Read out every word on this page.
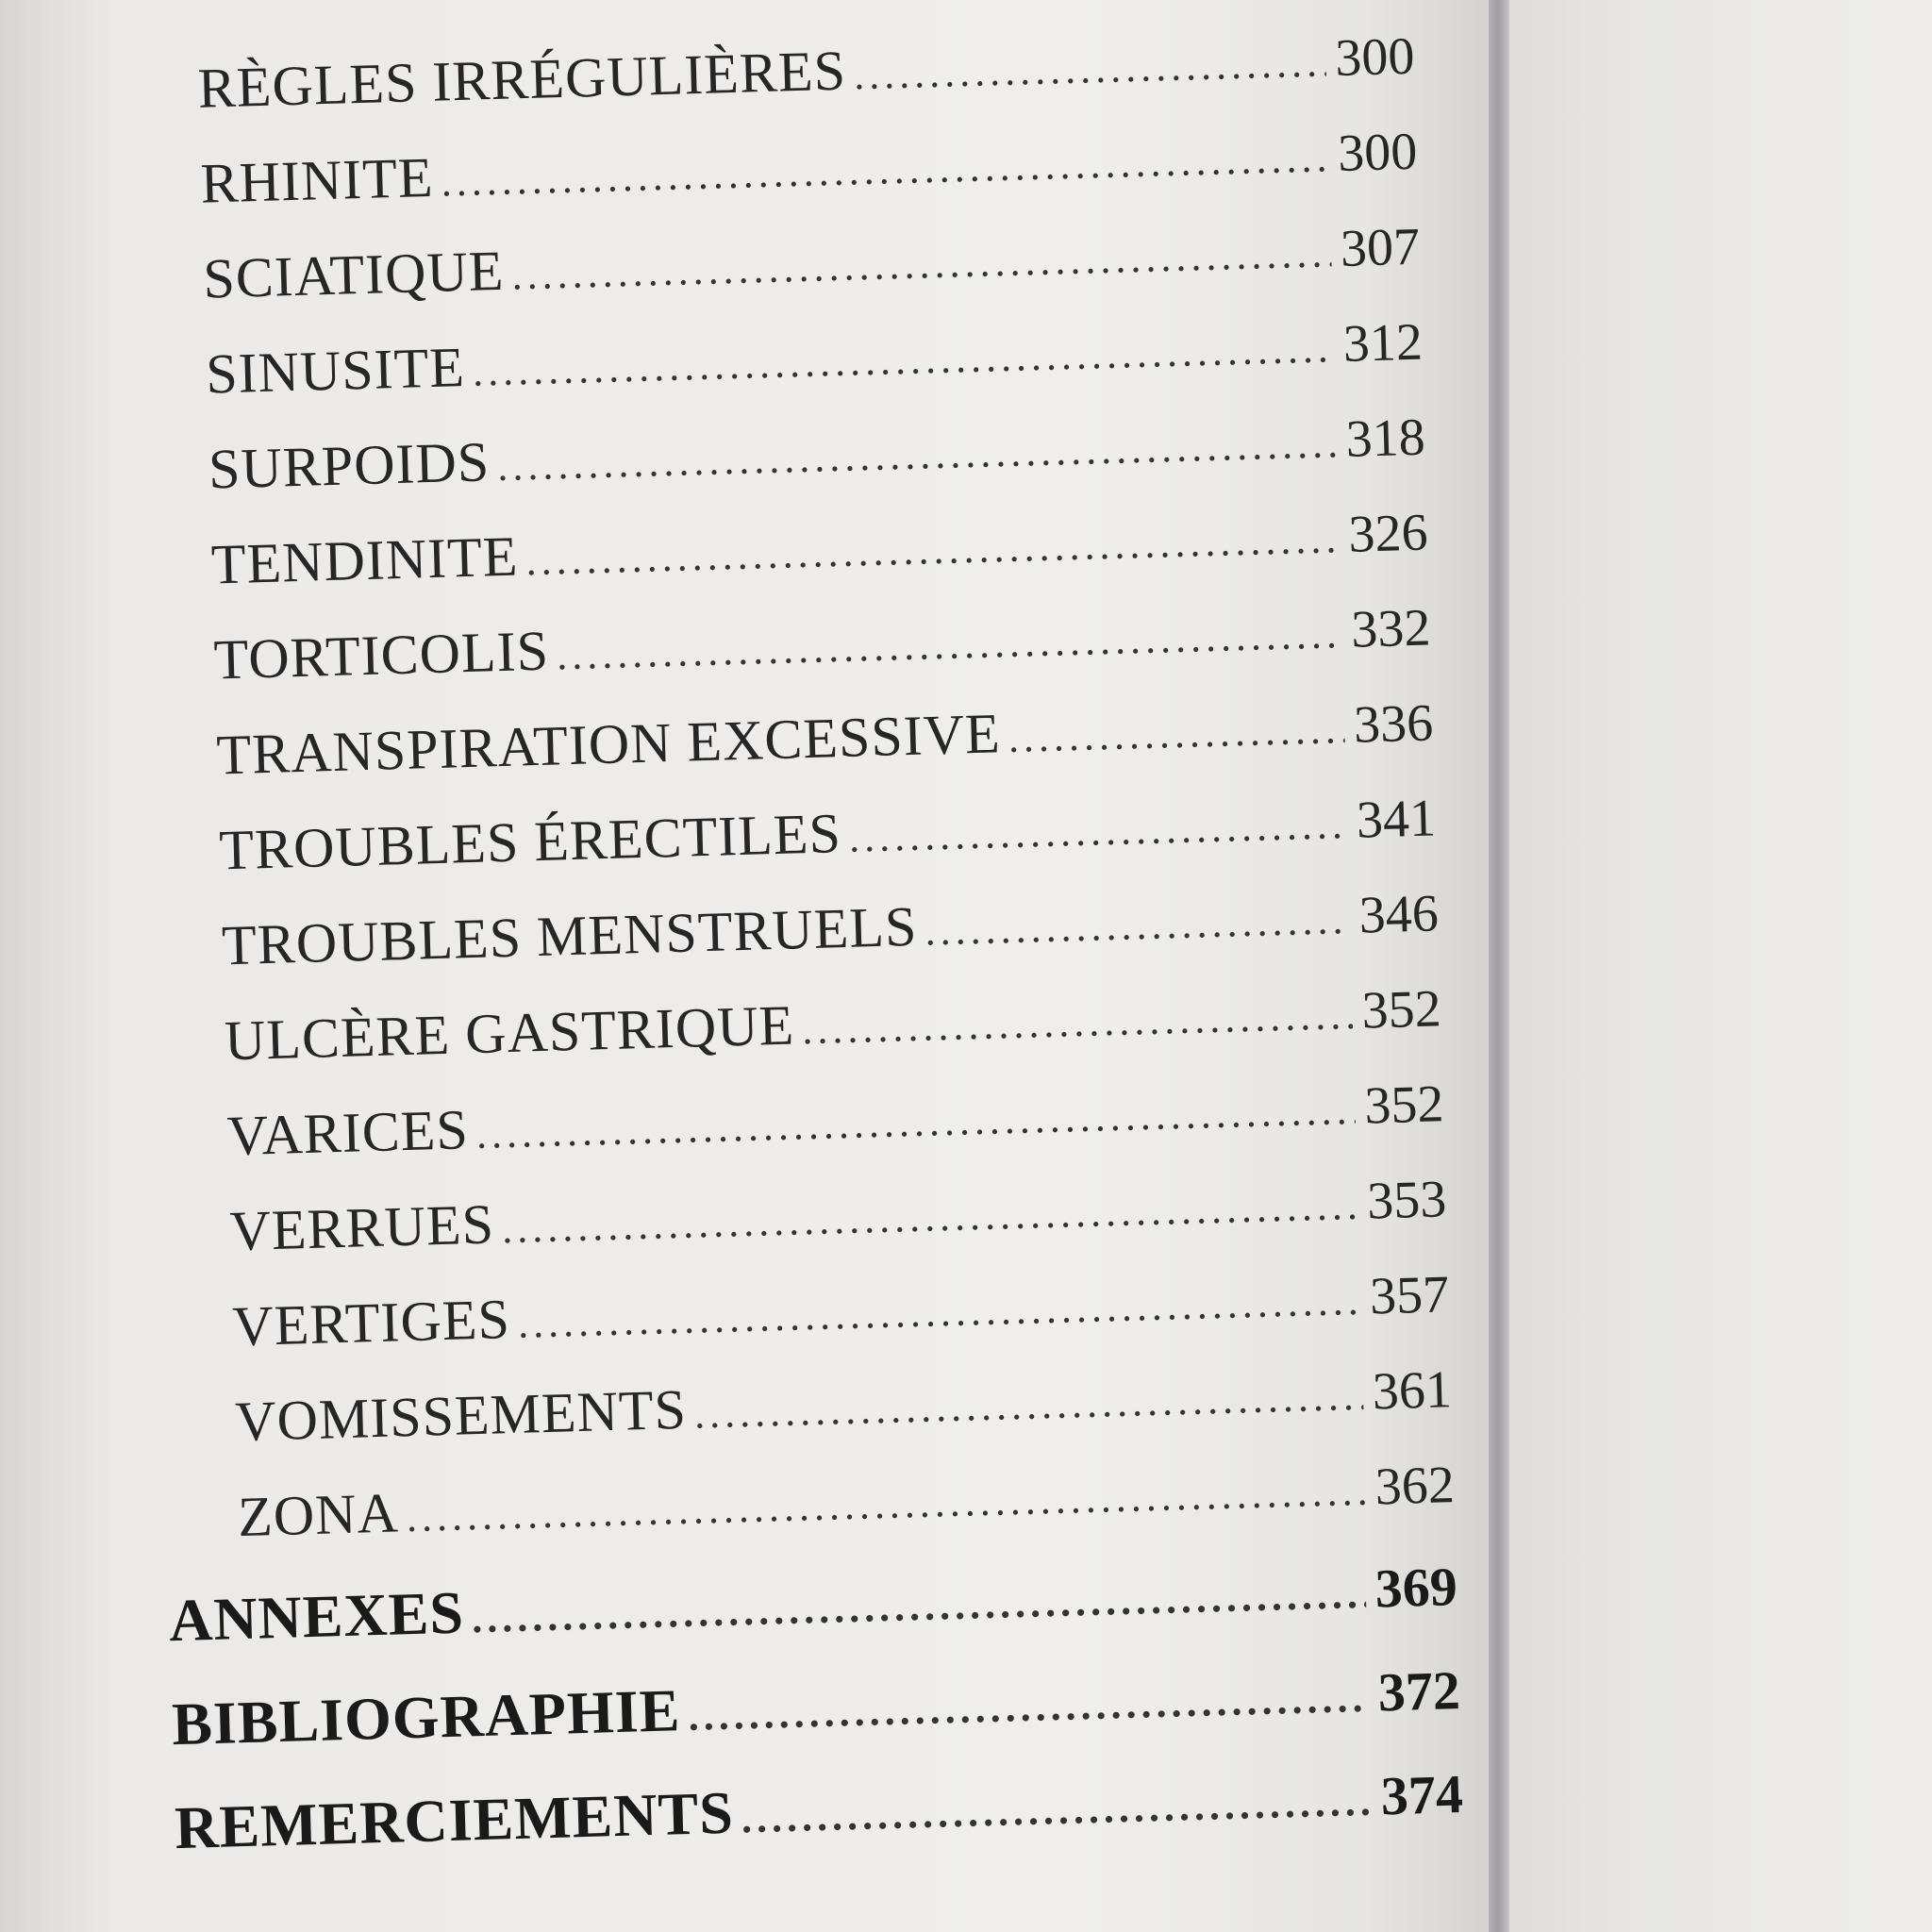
RÈGLES IRRÉGULIÈRES .....	300
RHINITE .....	300
SCIATIQUE .....	307
SINUSITE .....	312
SURPOIDS .....	318
TENDINITE .....	326
TORTICOLIS .....	332
TRANSPIRATION EXCESSIVE .....	336
TROUBLES ÉRECTILES .....	341
TROUBLES MENSTRUELS .....	346
ULCÈRE GASTRIQUE .....	352
VARICES .....	352
VERRUES .....	353
VERTIGES .....	357
VOMISSEMENTS .....	361
ZONA .....	362
ANNEXES .....	369
BIBLIOGRAPHIE .....	372
REMERCIEMENTS .....	374
